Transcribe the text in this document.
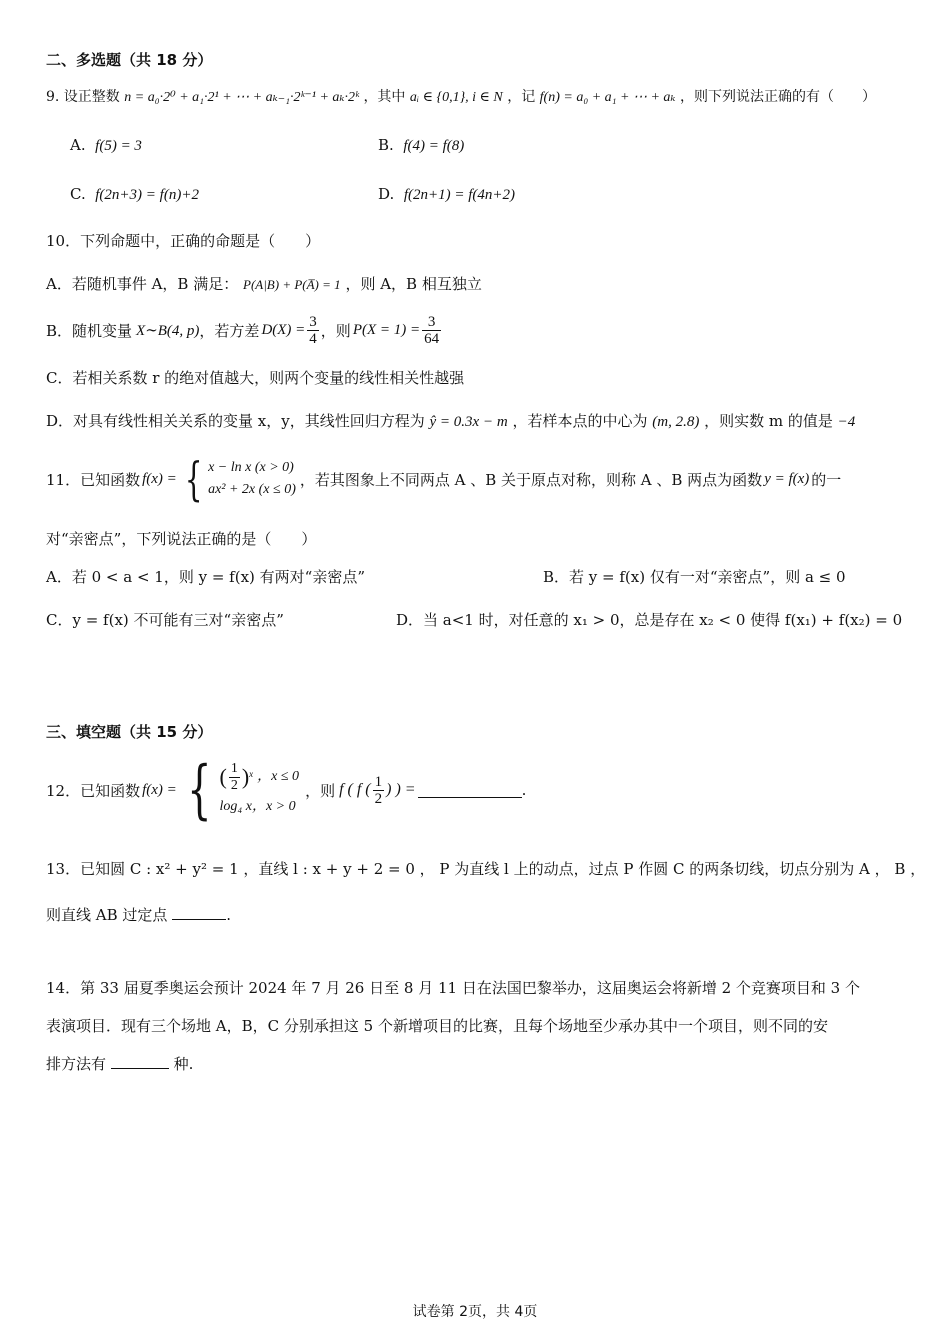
二、多选题（共 18 分）
9. 设正整数 n = a₀·2⁰ + a₁·2¹ + ⋯ + aₖ₋₁·2ᵏ⁻¹ + aₖ·2ᵏ ，其中 aᵢ ∈ {0,1}, i ∈ N ，记 f(n) = a₀ + a₁ + ⋯ + aₖ ，则下列说法正确的有（　　）
A. f(5) = 3	B. f(4) = f(8)
C. f(2n+3) = f(n)+2	D. f(2n+1) = f(4n+2)
10．下列命题中，正确的命题是（　　）
A．若随机事件 A，B 满足： P(A|B) + P(A̅) = 1 ，则 A，B 相互独立
B．随机变量 X∼B(4, p) ，若方差 $D(X) = \frac{3}{4}$ ，则 $P(X = 1) = \frac{3}{64}$
C．若相关系数 r 的绝对值越大，则两个变量的线性相关性越强
D．对具有线性相关关系的变量 x，y，其线性回归方程为 ŷ = 0.3x − m ，若样本点的中心为 (m, 2.8) ，则实数 m 的值是 −4
11．已知函数 f(x) = { x − ln x (x > 0)
ax² + 2x (x ≤ 0)
，若其图象上不同两点 A 、B 关于原点对称，则称 A 、B 两点为函数 y = f(x) 的一
对“亲密点”，下列说法正确的是（　　）
A．若 0 < a < 1，则 y = f(x) 有两对“亲密点”	B．若 y = f(x) 仅有一对“亲密点”，则 a ≤ 0
C．y = f(x) 不可能有三对“亲密点”	D．当 a<1 时，对任意的 x₁ > 0，总是存在 x₂ < 0 使得 f(x₁) + f(x₂) = 0
三、填空题（共 15 分）
12．已知函数 f(x) = { ( $\frac{1}{2} )^x$ ，x ≤ 0
log₄ x，x > 0
，则 f ( f ( $\frac{1}{2}$ ) ) =	.
13．已知圆 C : x² + y² = 1 ，直线 l : x + y + 2 = 0 ， P 为直线 l 上的动点，过点 P 作圆 C 的两条切线，切点分别为 A ， B ，
则直线 AB 过定点	.
14．第 33 届夏季奥运会预计 2024 年 7 月 26 日至 8 月 11 日在法国巴黎举办，这届奥运会将新增 2 个竞赛项目和 3 个
表演项目．现有三个场地 A，B，C 分别承担这 5 个新增项目的比赛，且每个场地至少承办其中一个项目，则不同的安
排方法有	种.
试卷第 2页，共 4页
